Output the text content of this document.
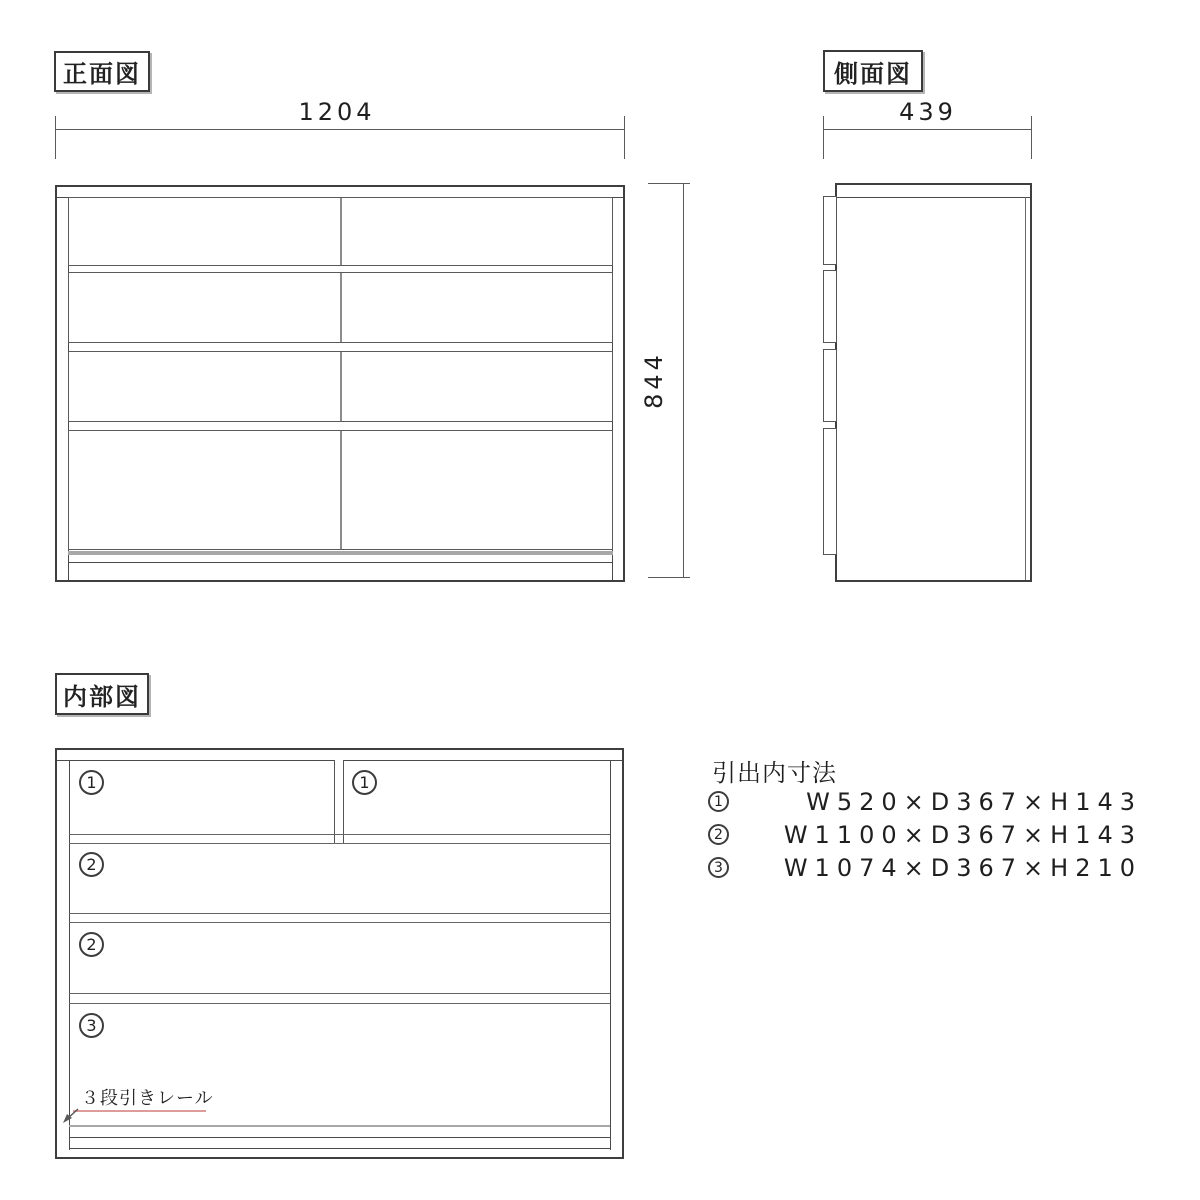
正面図
1204
844
側面図
439
内部図
1	1
2
2
3
３段引きレール
引出内寸法
1	W520×D367×H143
2	W1100×D367×H143
3	W1074×D367×H210
